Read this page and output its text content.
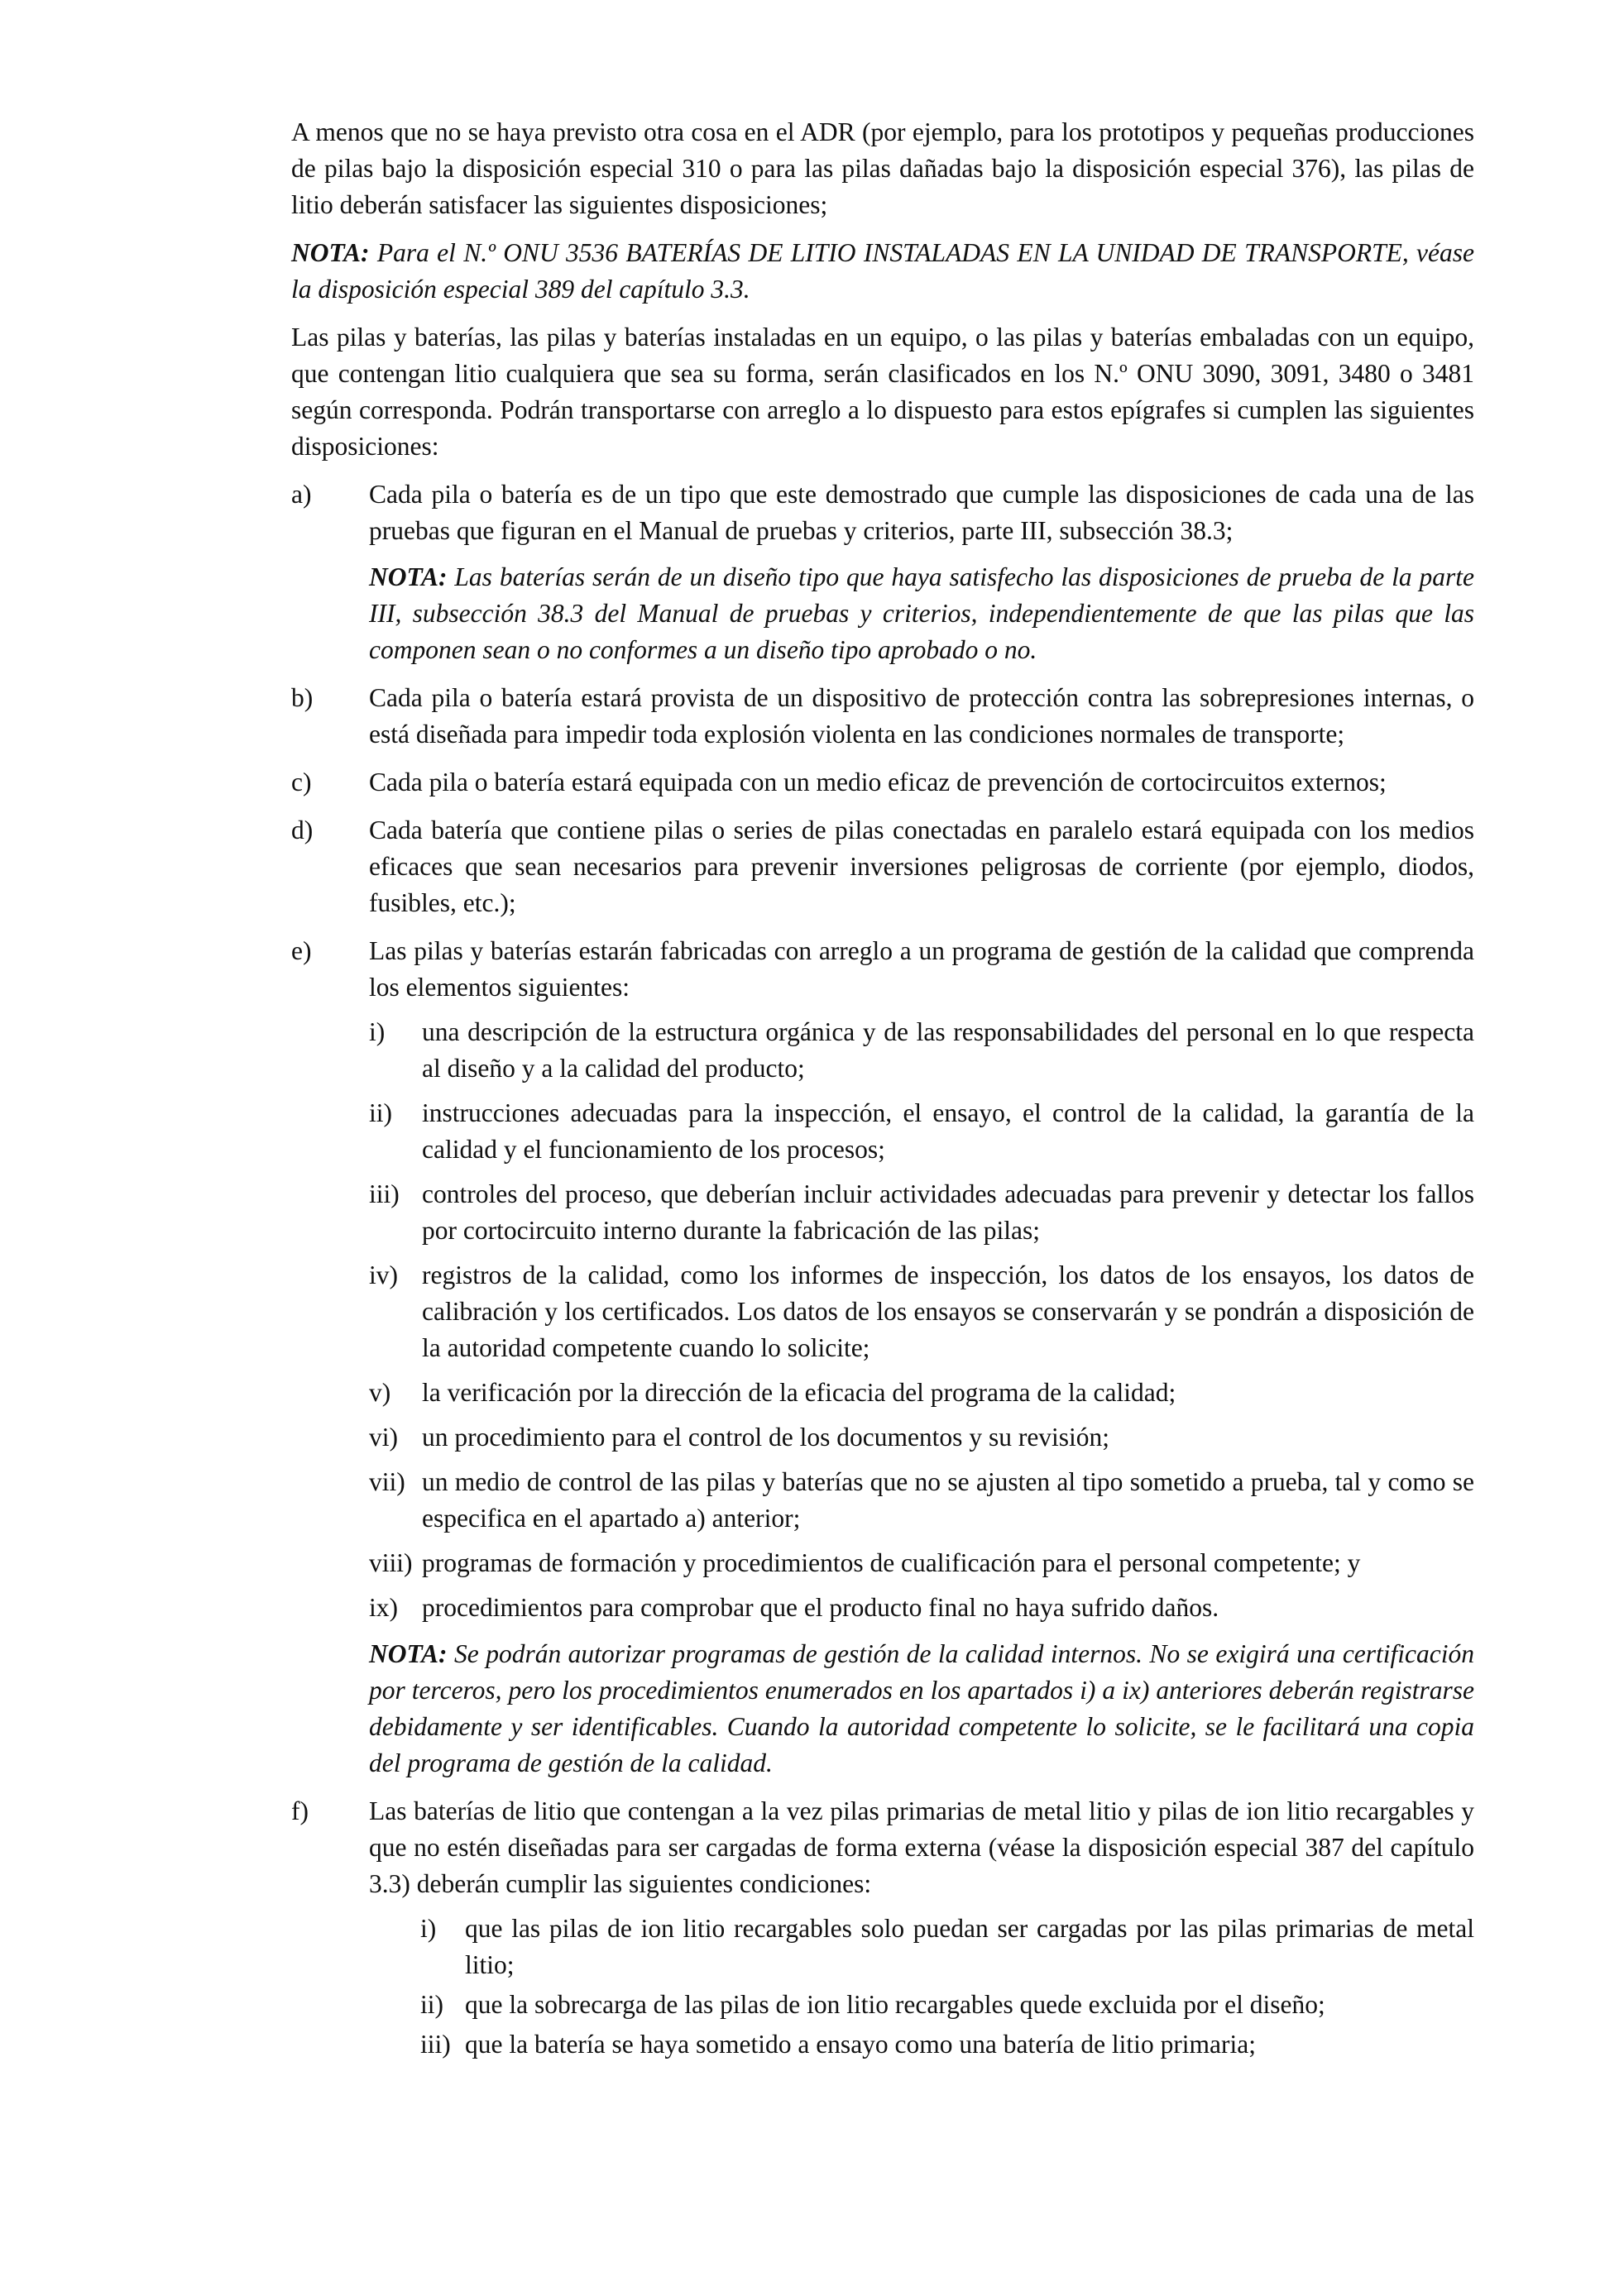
A menos que no se haya previsto otra cosa en el ADR (por ejemplo, para los prototipos y pequeñas producciones de pilas bajo la disposición especial 310 o para las pilas dañadas bajo la disposición especial 376), las pilas de litio deberán satisfacer las siguientes disposiciones;

NOTA: Para el N.º ONU 3536 BATERÍAS DE LITIO INSTALADAS EN LA UNIDAD DE TRANSPORTE, véase la disposición especial 389 del capítulo 3.3.

Las pilas y baterías, las pilas y baterías instaladas en un equipo, o las pilas y baterías embaladas con un equipo, que contengan litio cualquiera que sea su forma, serán clasificados en los N.º ONU 3090, 3091, 3480 o 3481 según corresponda. Podrán transportarse con arreglo a lo dispuesto para estos epígrafes si cumplen las siguientes disposiciones:

a) Cada pila o batería es de un tipo que este demostrado que cumple las disposiciones de cada una de las pruebas que figuran en el Manual de pruebas y criterios, parte III, subsección 38.3;

NOTA: Las baterías serán de un diseño tipo que haya satisfecho las disposiciones de prueba de la parte III, subsección 38.3 del Manual de pruebas y criterios, independientemente de que las pilas que las componen sean o no conformes a un diseño tipo aprobado o no.

b) Cada pila o batería estará provista de un dispositivo de protección contra las sobrepresiones internas, o está diseñada para impedir toda explosión violenta en las condiciones normales de transporte;

c) Cada pila o batería estará equipada con un medio eficaz de prevención de cortocircuitos externos;

d) Cada batería que contiene pilas o series de pilas conectadas en paralelo estará equipada con los medios eficaces que sean necesarios para prevenir inversiones peligrosas de corriente (por ejemplo, diodos, fusibles, etc.);

e) Las pilas y baterías estarán fabricadas con arreglo a un programa de gestión de la calidad que comprenda los elementos siguientes:

i) una descripción de la estructura orgánica y de las responsabilidades del personal en lo que respecta al diseño y a la calidad del producto;

ii) instrucciones adecuadas para la inspección, el ensayo, el control de la calidad, la garantía de la calidad y el funcionamiento de los procesos;

iii) controles del proceso, que deberían incluir actividades adecuadas para prevenir y detectar los fallos por cortocircuito interno durante la fabricación de las pilas;

iv) registros de la calidad, como los informes de inspección, los datos de los ensayos, los datos de calibración y los certificados. Los datos de los ensayos se conservarán y se pondrán a disposición de la autoridad competente cuando lo solicite;

v) la verificación por la dirección de la eficacia del programa de la calidad;

vi) un procedimiento para el control de los documentos y su revisión;

vii) un medio de control de las pilas y baterías que no se ajusten al tipo sometido a prueba, tal y como se especifica en el apartado a) anterior;

viii) programas de formación y procedimientos de cualificación para el personal competente; y

ix) procedimientos para comprobar que el producto final no haya sufrido daños.

NOTA: Se podrán autorizar programas de gestión de la calidad internos. No se exigirá una certificación por terceros, pero los procedimientos enumerados en los apartados i) a ix) anteriores deberán registrarse debidamente y ser identificables. Cuando la autoridad competente lo solicite, se le facilitará una copia del programa de gestión de la calidad.

f) Las baterías de litio que contengan a la vez pilas primarias de metal litio y pilas de ion litio recargables y que no estén diseñadas para ser cargadas de forma externa (véase la disposición especial 387 del capítulo 3.3) deberán cumplir las siguientes condiciones:

i) que las pilas de ion litio recargables solo puedan ser cargadas por las pilas primarias de metal litio;

ii) que la sobrecarga de las pilas de ion litio recargables quede excluida por el diseño;

iii) que la batería se haya sometido a ensayo como una batería de litio primaria;
